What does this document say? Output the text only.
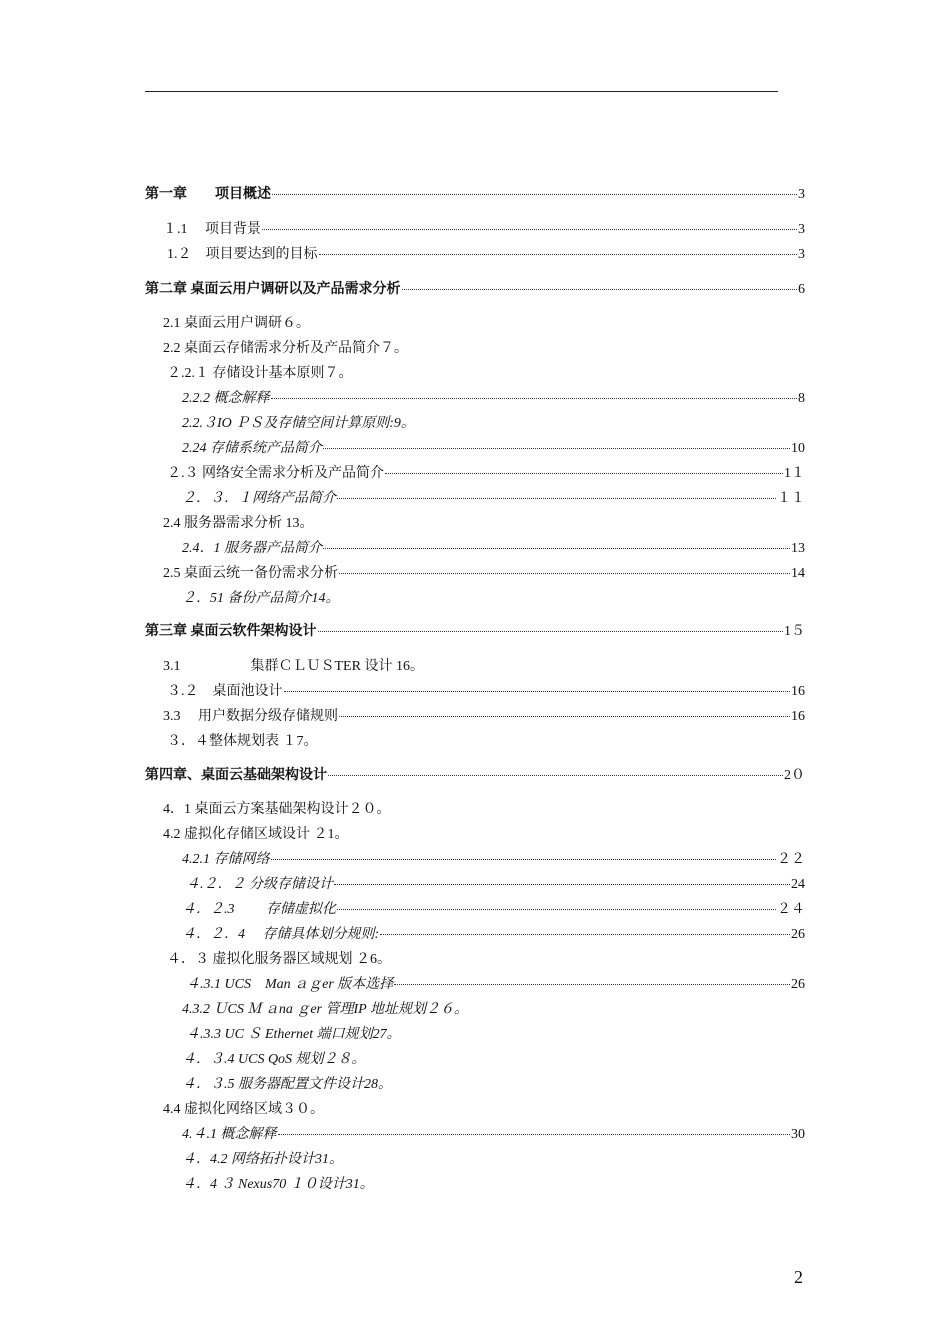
第一章　　项目概述	3
１.1　 项目背景	3
1.２　项目要达到的目标	3
第二章 桌面云用户调研以及产品需求分析	6
2.1 桌面云用户调研６。
2.2 桌面云存储需求分析及产品简介７。
２.2.１ 存储设计基本原则７。
2.2.2 概念解释	8
2.2.３IO ＰＳ及存储空间计算原则:9。
2.24 存储系统产品简介	10
２.３ 网络安全需求分析及产品简介	1１
２．３．１网络产品简介	１１
2.4 服务器需求分析 13。
2.4．1 服务器产品简介	13
2.5 桌面云统一备份需求分析	14
２．51 备份产品简介14。
第三章 桌面云软件架构设计	1５
3.1　　　　　集群ＣＬＵＳTER 设计 16。
３.２　桌面池设计	16
3.3　 用户数据分级存储规则	16
３．４整体规划表 １7。
第四章、桌面云基础架构设计	2０
4．1 桌面云方案基础架构设计２０。
4.2 虚拟化存储区域设计 ２1。
4.2.1 存储网络	２２
４.２．２ 分级存储设计	24
４．２.3　　 存储虚拟化	２４
４．２．4　 存储具体划分规则:	26
４．３ 虚拟化服务器区域规划 ２6。
４.3.1 UCS　Man ａｇer 版本选择	26
4.3.2 ＵCS Ｍ ａna ｇer 管理IP 地址规划２６。
４.3.3 UC Ｓ Ethernet 端口规划27。
４．３.4 UCS QoS 规划２８。
４．３.5 服务器配置文件设计28。
4.4 虚拟化网络区域３０。
4.４.1 概念解释	30
４．4.2 网络拓扑设计31。
４．4 ３ Nexus70 １０设计31。
2
